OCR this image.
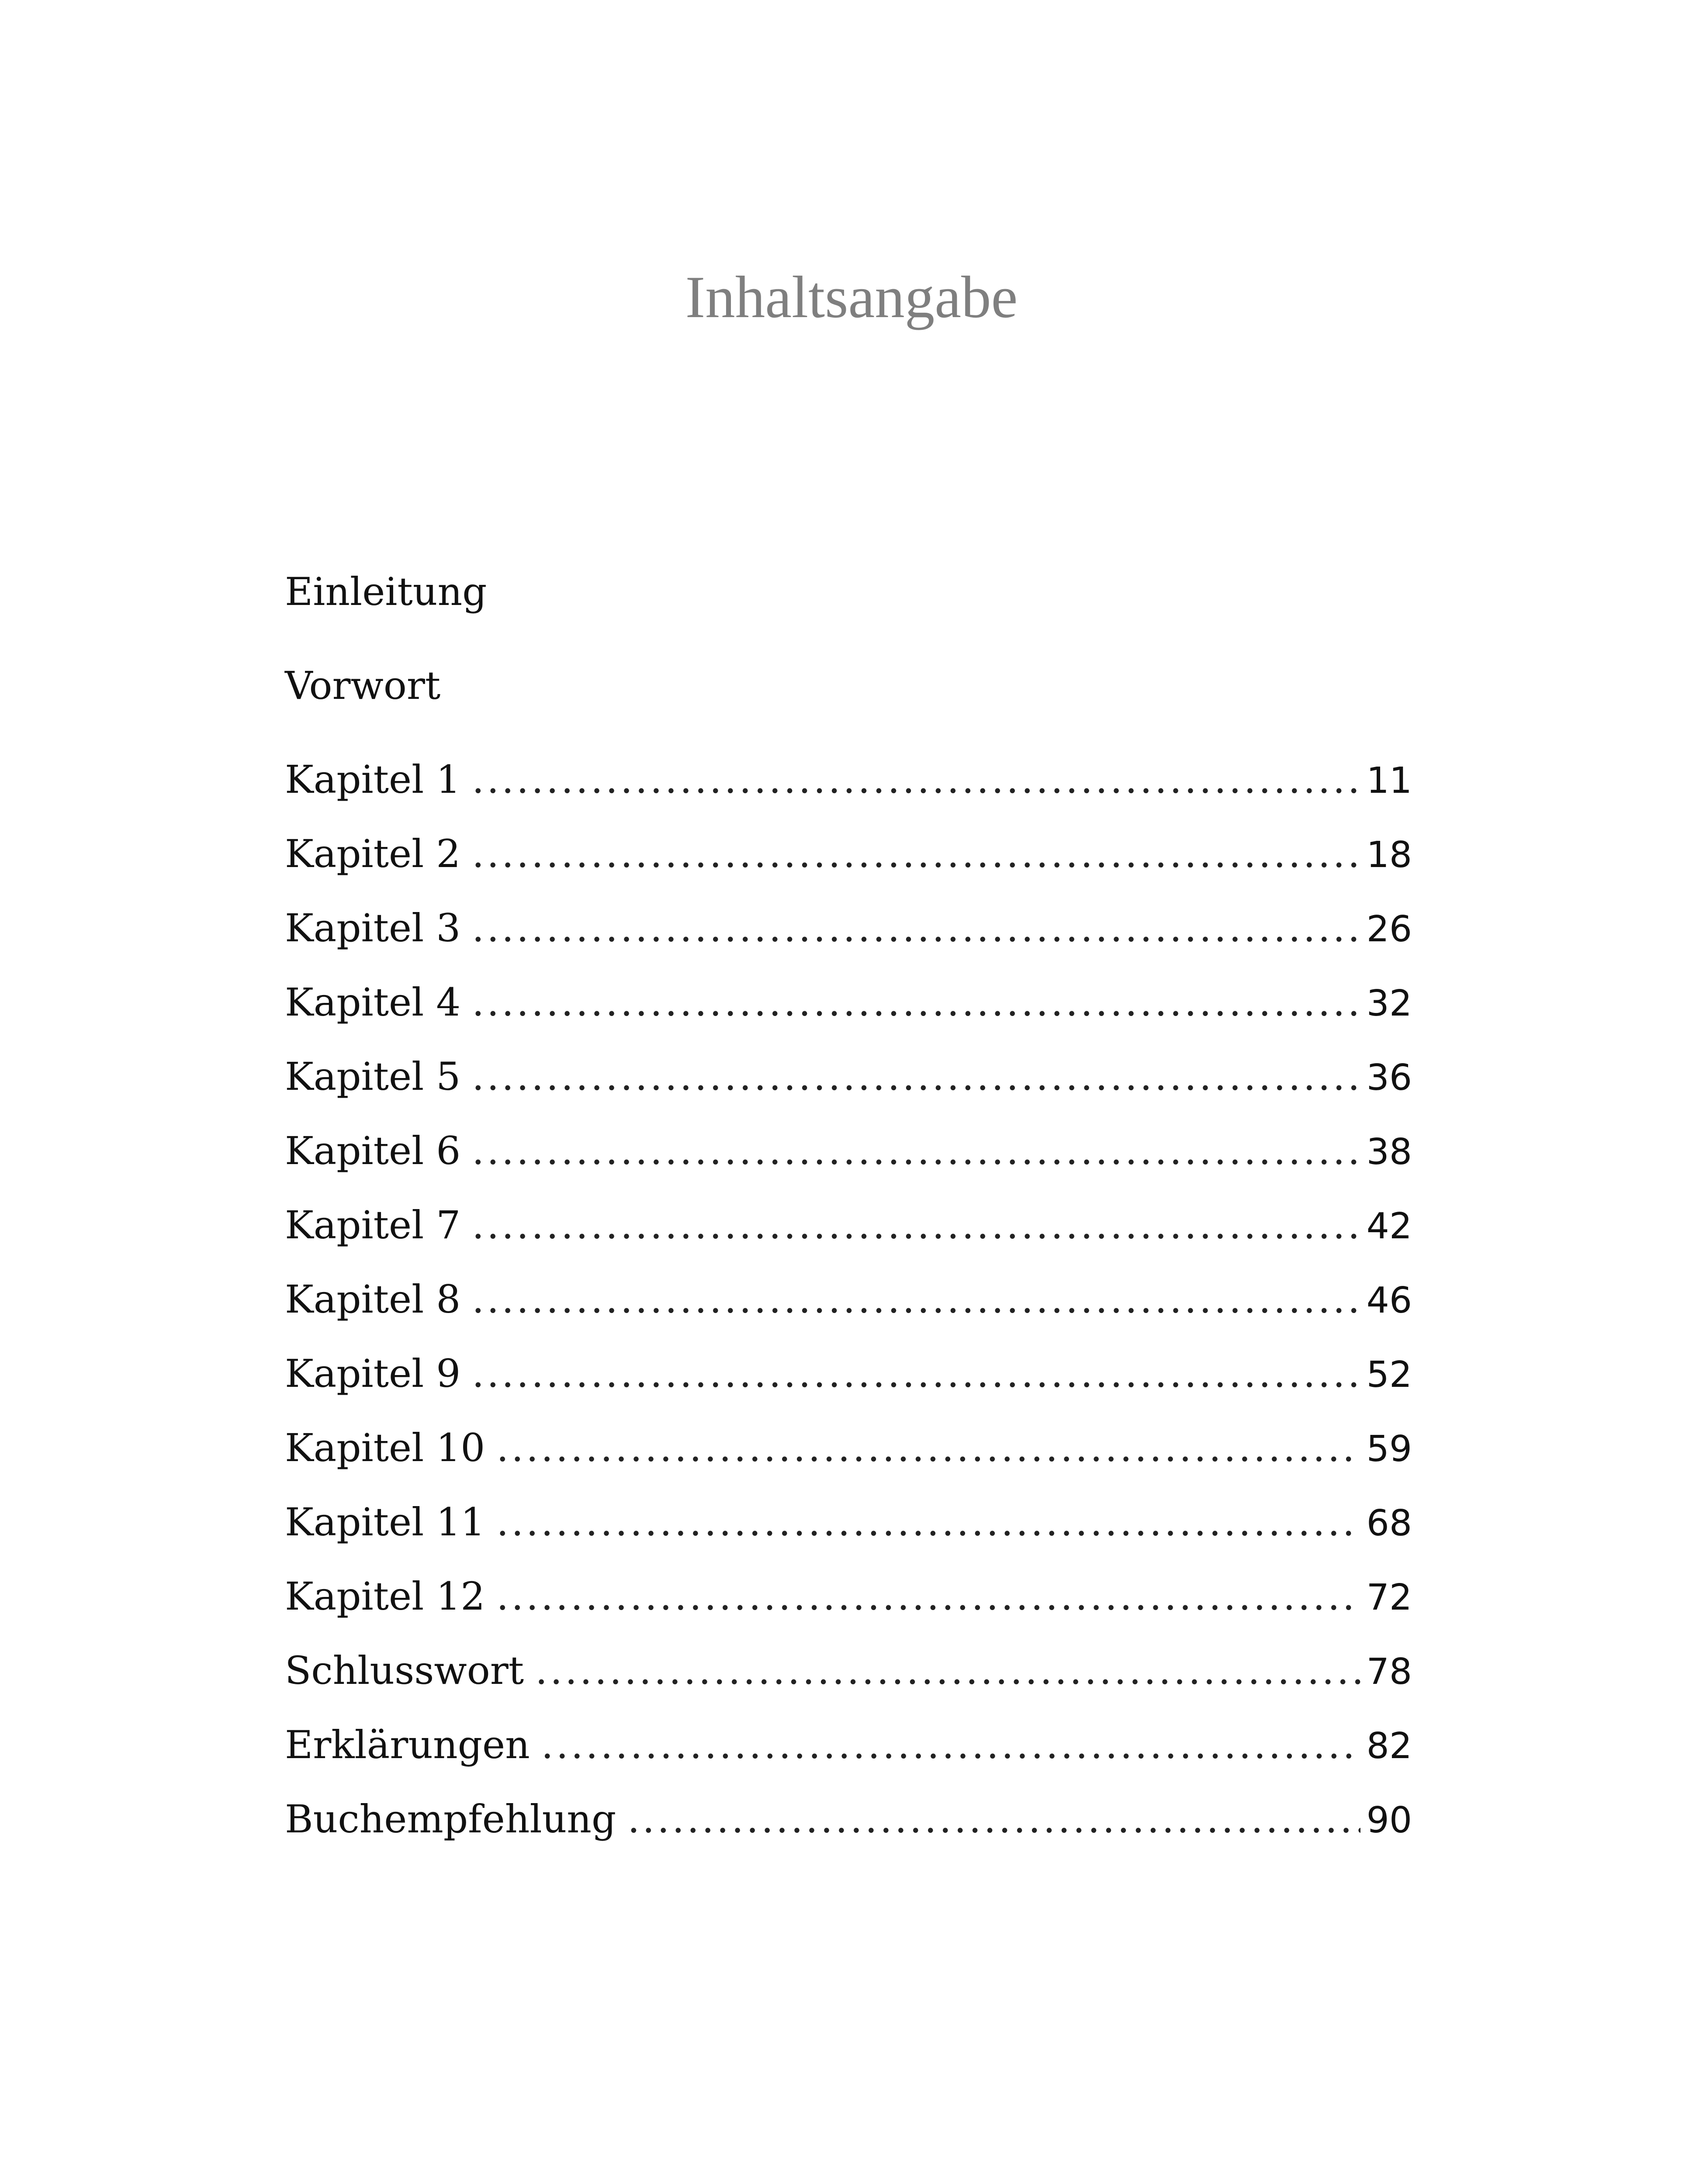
Inhaltsangabe
Einleitung
Vorwort
Kapitel 1 .....	11
Kapitel 2 .....	18
Kapitel 3 .....	26
Kapitel 4 .....	32
Kapitel 5 .....	36
Kapitel 6 .....	38
Kapitel 7 .....	42
Kapitel 8 .....	46
Kapitel 9 .....	52
Kapitel 10 .....	59
Kapitel 11 .....	68
Kapitel 12 .....	72
Schlusswort .....	78
Erklärungen .....	82
Buchempfehlung .....	90
